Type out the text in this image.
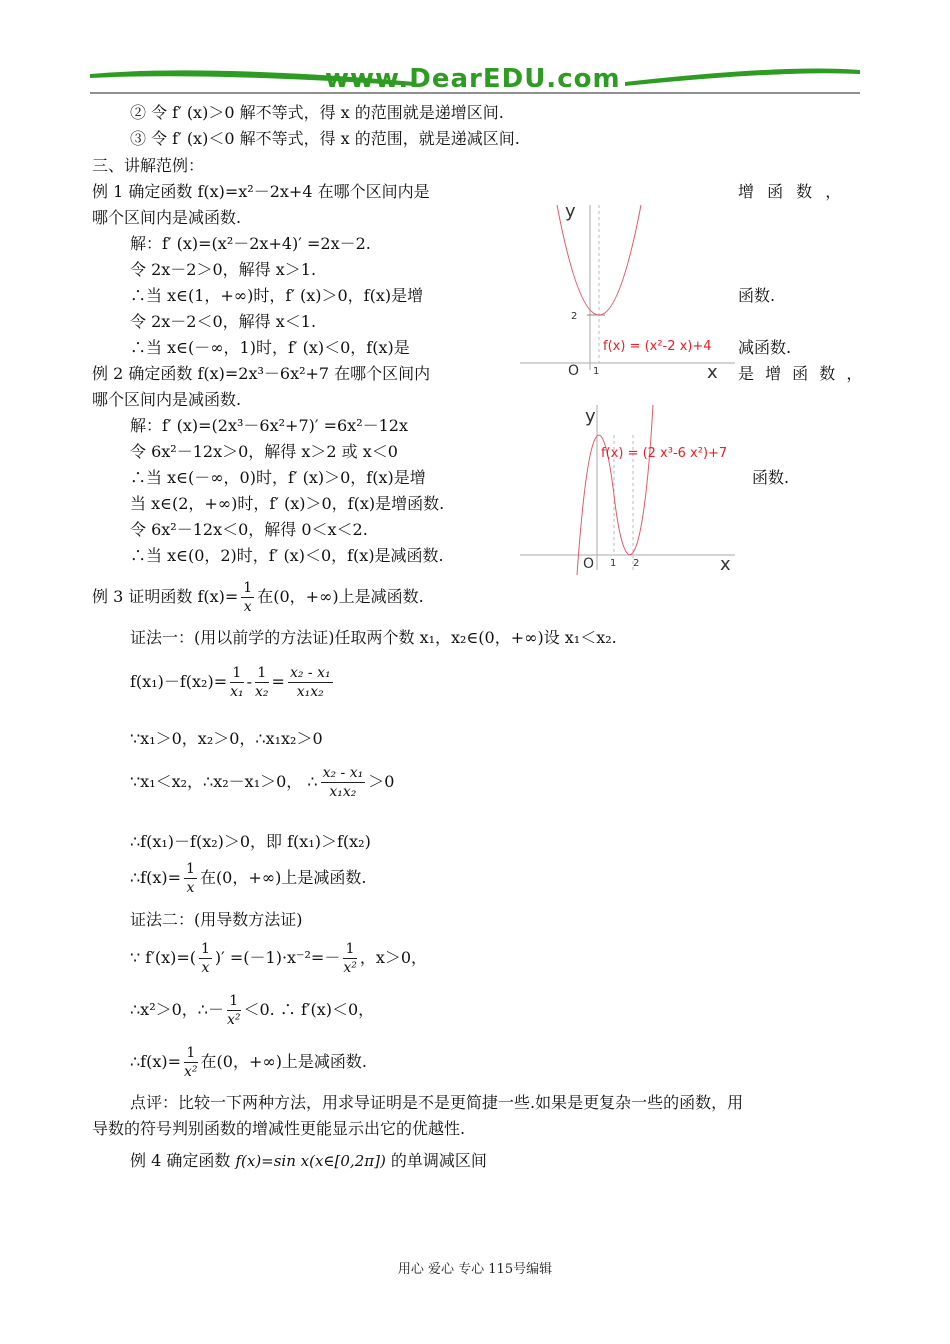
www.DearEDU.com
② 令 f′ (x)＞0 解不等式，得 x 的范围就是递增区间.
③ 令 f′ (x)＜0 解不等式，得 x 的范围，就是递减区间.
三、讲解范例：
例 1 确定函数 f(x)=x²－2x+4 在哪个区间内是	增 函 数 ，
哪个区间内是减函数.
解：f′ (x)=(x²－2x+4)′ =2x－2.
令 2x－2＞0，解得 x＞1.
∴当 x∈(1，+∞)时，f′ (x)＞0，f(x)是增	函数.
令 2x－2＜0，解得 x＜1.
∴当 x∈(－∞，1)时，f′ (x)＜0，f(x)是	减函数.
y
x
O 1
2
f(x) = (x²-2 x)+4
例 2 确定函数 f(x)=2x³－6x²+7 在哪个区间内	是 增 函 数 ，
哪个区间内是减函数.
解：f′ (x)=(2x³－6x²+7)′ =6x²－12x
令 6x²－12x＞0，解得 x＞2 或 x＜0
∴当 x∈(－∞，0)时，f′ (x)＞0，f(x)是增	函数.
当 x∈(2，+∞)时，f′ (x)＞0，f(x)是增函数.
令 6x²－12x＜0，解得 0＜x＜2.
∴当 x∈(0，2)时，f′ (x)＜0，f(x)是减函数.
y
x
O 1 2
f(x) = (2 x³-6 x²)+7
例 3 证明函数 $f(x)= \frac{1}{x}$ 在(0，+∞)上是减函数.
证法一：(用以前学的方法证)任取两个数 x₁，x₂∈(0，+∞)设 x₁＜x₂.
$f(x_1)-f(x_2)= \frac{1}{\text{x₁}} - \frac{1}{\text{x₂}} = \frac{\text{x₂ - x₁}}{\text{x₁x₂}}$
∵x₁＞0，x₂＞0，∴x₁x₂＞0
∵x₁＜x₂，∴x₂－x₁＞0， ∴ $\frac{\text{x₂ - x₁}}{\text{x₁x₂}} >0$
∴f(x₁)－f(x₂)＞0，即 f(x₁)＞f(x₂)
∴f(x)= $\frac{1}{x}$ 在(0，+∞)上是减函数.
证法二：(用导数方法证)
∵ $f'(x)=( \frac{1}{x}$ )′ $=(-1)\cdot x^{-2}=- \frac{1}{\text{x²}}$ ，x＞0，
∴x²＞0，∴－ $\frac{1}{\text{x²}} <0$. ∴ f′(x)＜0，
∴f(x)= $\frac{1}{\text{x²}}$ 在(0，+∞)上是减函数.
点评：比较一下两种方法，用求导证明是不是更简捷一些.如果是更复杂一些的函数，用
导数的符号判别函数的增减性更能显示出它的优越性.
例 4 确定函数 f(x)=sin x(x∈[0,2π]) 的单调减区间
用心 爱心 专心 115号编辑
